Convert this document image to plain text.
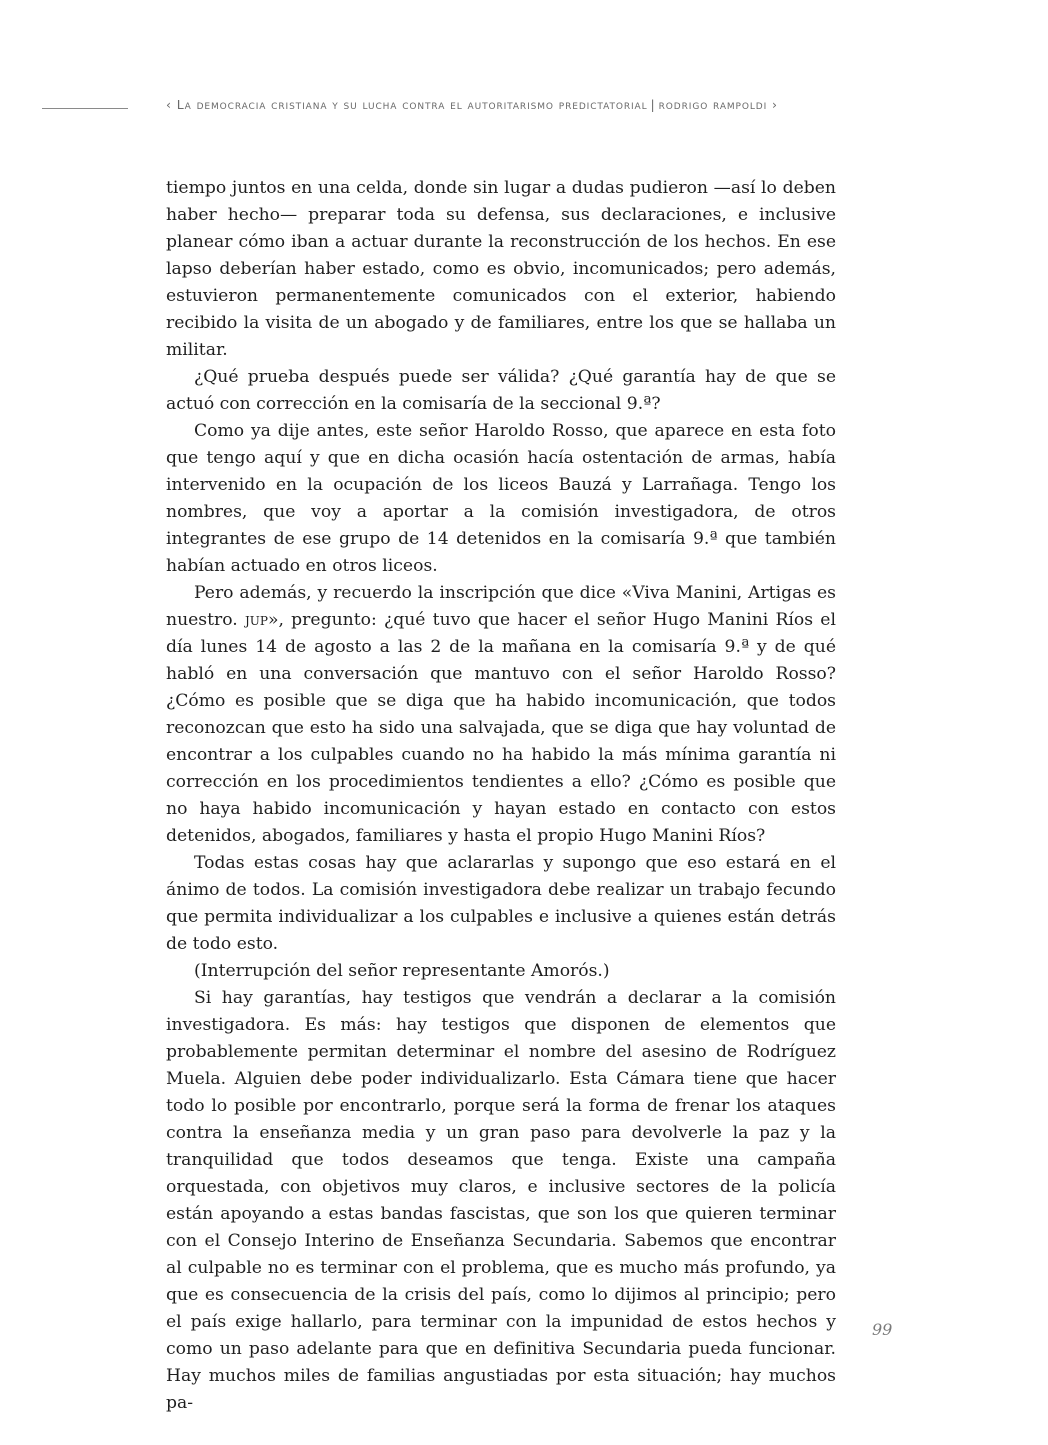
‹ La democracia cristiana y su lucha contra el autoritarismo predictatorial | rodrigo rampoldi ›

tiempo juntos en una celda, donde sin lugar a dudas pudieron —así lo deben haber hecho— preparar toda su defensa, sus declaraciones, e inclusive planear cómo iban a actuar durante la reconstrucción de los hechos. En ese lapso deberían haber estado, como es obvio, incomunicados; pero además, estuvieron permanentemente comunicados con el exterior, habiendo recibido la visita de un abogado y de familiares, entre los que se hallaba un militar.

¿Qué prueba después puede ser válida? ¿Qué garantía hay de que se actuó con corrección en la comisaría de la seccional 9.ª?

Como ya dije antes, este señor Haroldo Rosso, que aparece en esta foto que tengo aquí y que en dicha ocasión hacía ostentación de armas, había intervenido en la ocupación de los liceos Bauzá y Larrañaga. Tengo los nombres, que voy a aportar a la comisión investigadora, de otros integrantes de ese grupo de 14 detenidos en la comisaría 9.ª que también habían actuado en otros liceos.

Pero además, y recuerdo la inscripción que dice «Viva Manini, Artigas es nuestro. jup», pregunto: ¿qué tuvo que hacer el señor Hugo Manini Ríos el día lunes 14 de agosto a las 2 de la mañana en la comisaría 9.ª y de qué habló en una conversación que mantuvo con el señor Haroldo Rosso? ¿Cómo es posible que se diga que ha habido incomunicación, que todos reconozcan que esto ha sido una salvajada, que se diga que hay voluntad de encontrar a los culpables cuando no ha habido la más mínima garantía ni corrección en los procedimientos tendientes a ello? ¿Cómo es posible que no haya habido incomunicación y hayan estado en contacto con estos detenidos, abogados, familiares y hasta el propio Hugo Manini Ríos?

Todas estas cosas hay que aclararlas y supongo que eso estará en el ánimo de todos. La comisión investigadora debe realizar un trabajo fecundo que permita individualizar a los culpables e inclusive a quienes están detrás de todo esto.

(Interrupción del señor representante Amorós.)

Si hay garantías, hay testigos que vendrán a declarar a la comisión investigadora. Es más: hay testigos que disponen de elementos que probablemente permitan determinar el nombre del asesino de Rodríguez Muela. Alguien debe poder individualizarlo. Esta Cámara tiene que hacer todo lo posible por encontrarlo, porque será la forma de frenar los ataques contra la enseñanza media y un gran paso para devolverle la paz y la tranquilidad que todos deseamos que tenga. Existe una campaña orquestada, con objetivos muy claros, e inclusive sectores de la policía están apoyando a estas bandas fascistas, que son los que quieren terminar con el Consejo Interino de Enseñanza Secundaria. Sabemos que encontrar al culpable no es terminar con el problema, que es mucho más profundo, ya que es consecuencia de la crisis del país, como lo dijimos al principio; pero el país exige hallarlo, para terminar con la impunidad de estos hechos y como un paso adelante para que en definitiva Secundaria pueda funcionar. Hay muchos miles de familias angustiadas por esta situación; hay muchos pa-

99
